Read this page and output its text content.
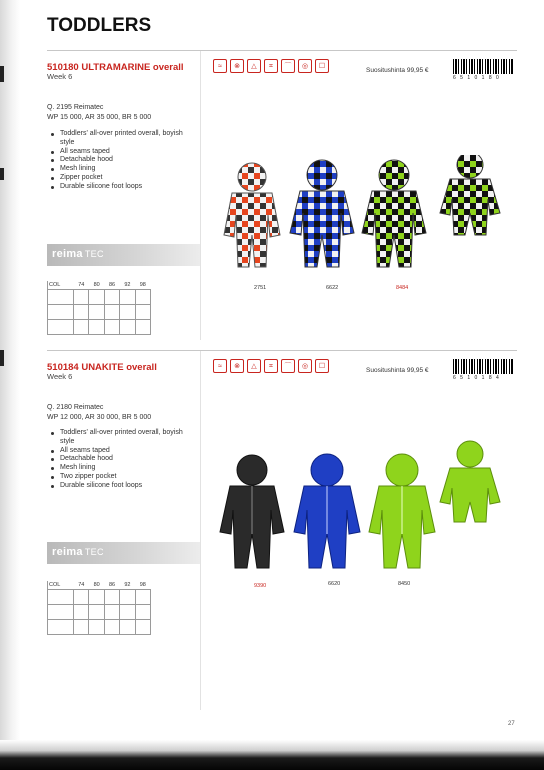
TODDLERS
510180 ULTRAMARINE overall
Week 6
Q. 2195 Reimatec
WP 15 000, AR 35 000, BR 5 000
Toddlers' all-over printed overall, boyish style
All seams taped
Detachable hood
Mesh lining
Zipper pocket
Durable silicone foot loops
reima TEC
COL	74	80	86	92	98

≈	⊗	△	⌗	⌒	◎	☐
Suositushinta 99,95 €
6 5 1 0 1 8 0
2751	6622	8484
510184 UNAKITE overall
Week 6
Q. 2180 Reimatec
WP 12 000, AR 30 000, BR 5 000
Toddlers' all-over printed overall, boyish style
All seams taped
Detachable hood
Mesh lining
Two zipper pocket
Durable silicone foot loops
reima TEC
COL	74	80	86	92	98

≈	⊗	△	⌗	⌒	◎	☐
Suositushinta 99,95 €
6 5 1 0 1 8 4
9390	6620	8450
27
